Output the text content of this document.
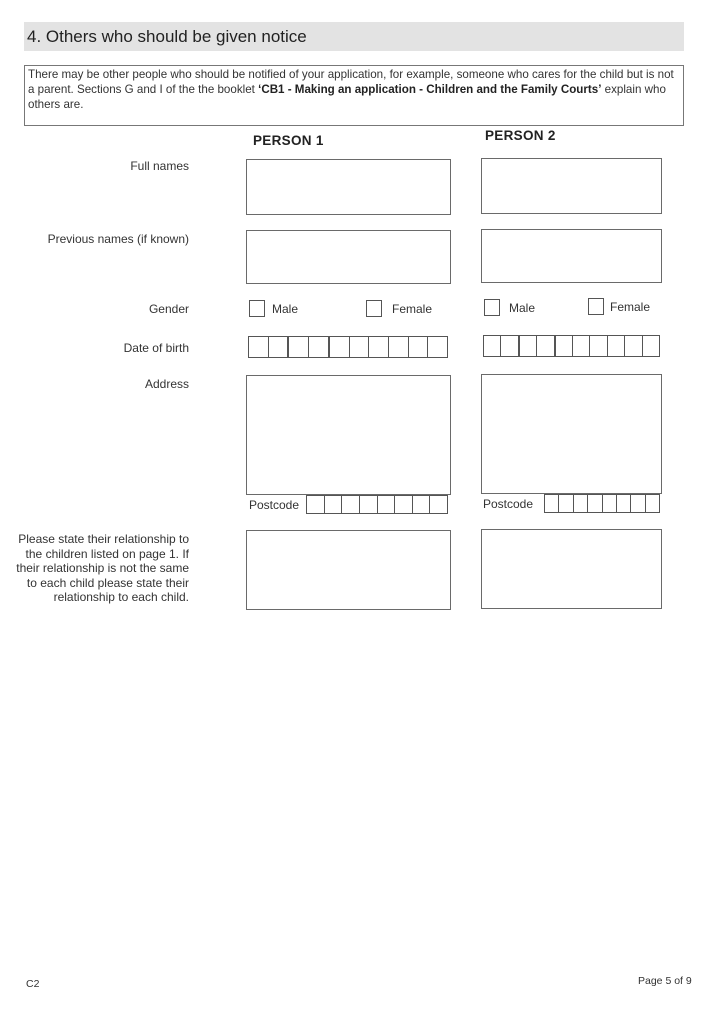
4. Others who should be given notice
There may be other people who should be notified of your application, for example, someone who cares for the child but is not a parent. Sections G and I of the the booklet ‘CB1 - Making an application - Children and the Family Courts’ explain who others are.
PERSON 1	PERSON 2
Full names
Previous names (if known)
Gender	Male	Female	Male	Female
Date of birth
Address
Postcode	Postcode
Please state their relationship to
the children listed on page 1. If
their relationship is not the same
to each child please state their
relationship to each child.
C2	Page 5 of 9
